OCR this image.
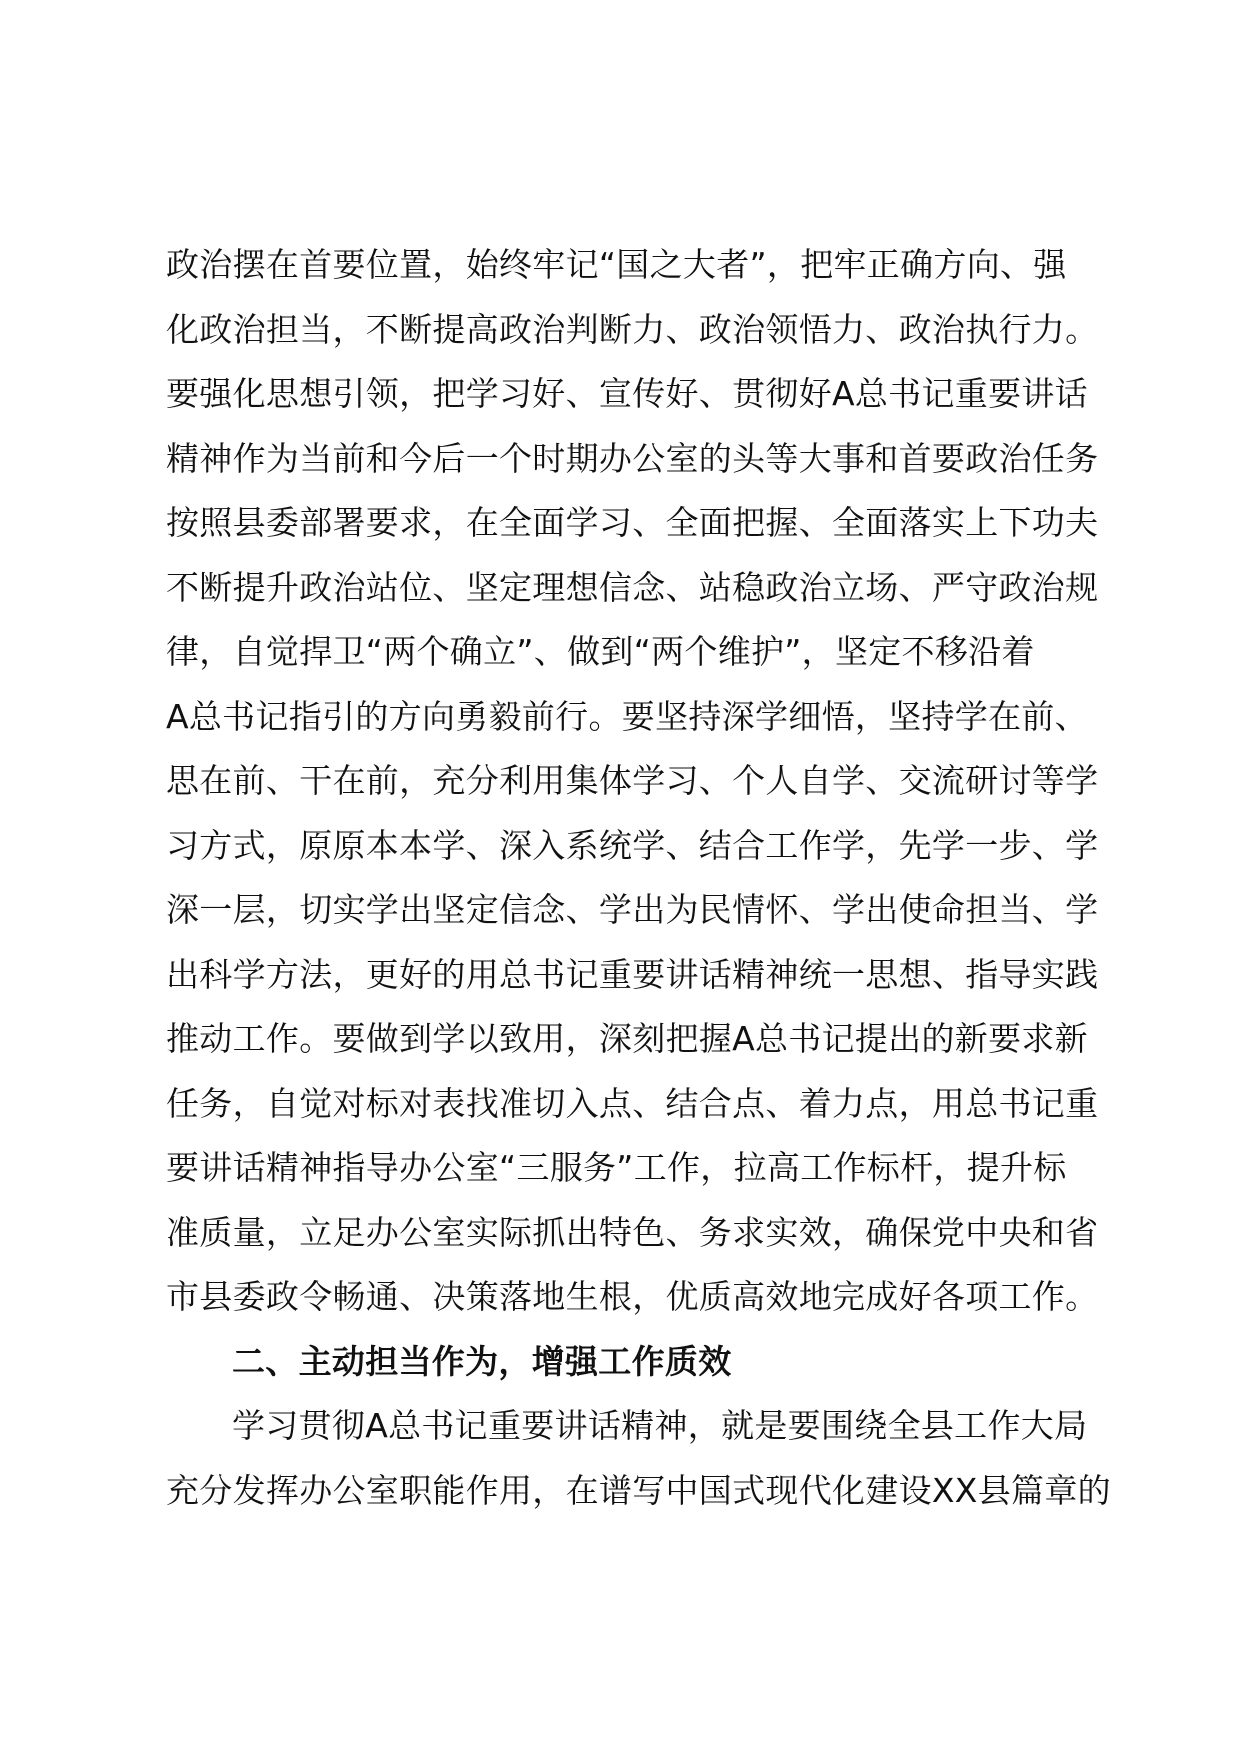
政治摆在首要位置，始终牢记“国之大者”，把牢正确方向、强
化政治担当，不断提高政治判断力、政治领悟力、政治执行力。
要强化思想引领，把学习好、宣传好、贯彻好A总书记重要讲话
精神作为当前和今后一个时期办公室的头等大事和首要政治任务
按照县委部署要求，在全面学习、全面把握、全面落实上下功夫
不断提升政治站位、坚定理想信念、站稳政治立场、严守政治规
律，自觉捍卫“两个确立”、做到“两个维护”，坚定不移沿着
A总书记指引的方向勇毅前行。要坚持深学细悟，坚持学在前、
思在前、干在前，充分利用集体学习、个人自学、交流研讨等学
习方式，原原本本学、深入系统学、结合工作学，先学一步、学
深一层，切实学出坚定信念、学出为民情怀、学出使命担当、学
出科学方法，更好的用总书记重要讲话精神统一思想、指导实践
推动工作。要做到学以致用，深刻把握A总书记提出的新要求新
任务，自觉对标对表找准切入点、结合点、着力点，用总书记重
要讲话精神指导办公室“三服务”工作，拉高工作标杆，提升标
准质量，立足办公室实际抓出特色、务求实效，确保党中央和省
市县委政令畅通、决策落地生根，优质高效地完成好各项工作。
二、主动担当作为，增强工作质效
学习贯彻A总书记重要讲话精神，就是要围绕全县工作大局
充分发挥办公室职能作用，在谱写中国式现代化建设XX县篇章的
